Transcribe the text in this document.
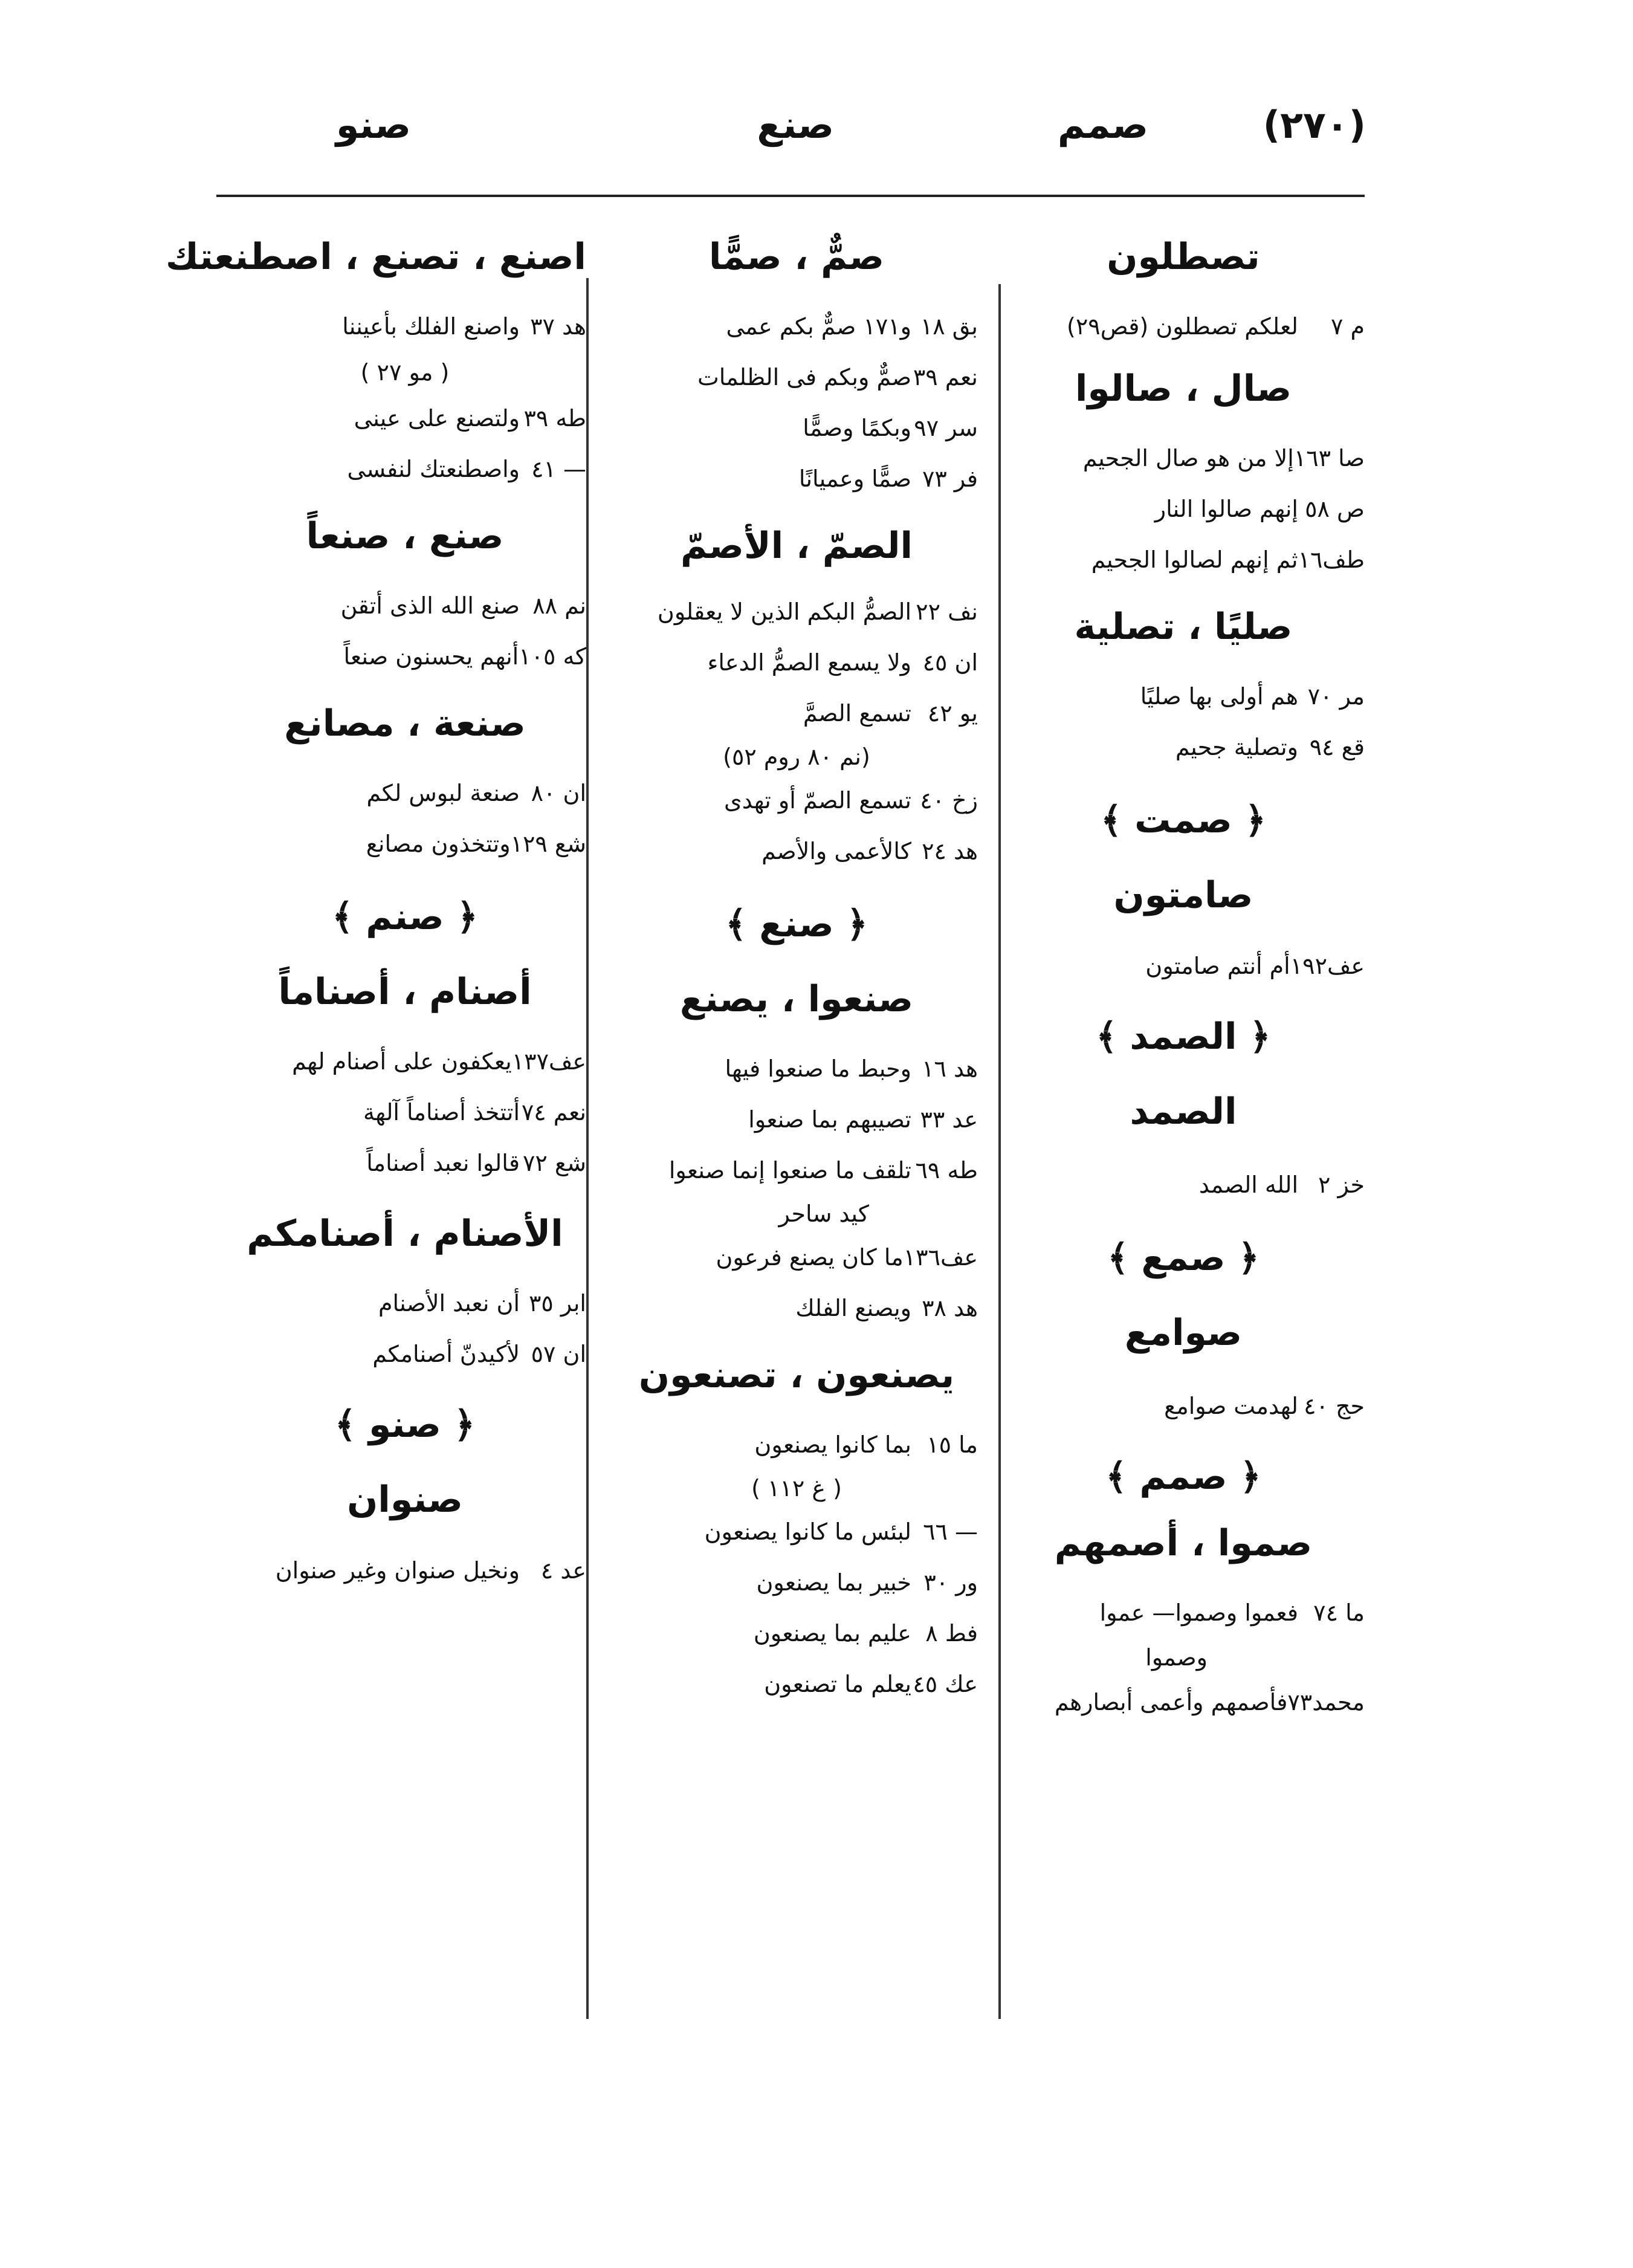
(٢٧٠)
صمم
صنع
صنو
تصطلون
م ٧
لعلكم تصطلون (قص٢٩)
صال ، صالوا
صا ١٦٣
إلا من هو صال الجحيم
ص ٥٨
إنهم صالوا النار
طف١٦
ثم إنهم لصالوا الجحيم
صليًا ، تصلية
مر ٧٠
هم أولى بها صليًا
قع ٩٤
وتصلية جحيم
﴿ صمت ﴾
صامتون
عف١٩٢
أم أنتم صامتون
﴿ الصمد ﴾
الصمد
خز ٢
الله الصمد
﴿ صمع ﴾
صوامع
حج ٤٠
لهدمت صوامع
﴿ صمم ﴾
صموا ، أصمهم
ما ٧٤
فعموا وصموا— عموا
وصموا
محمد٧٣
فأصمهم وأعمى أبصارهم
صمٌّ ، صمًّا
بق ١٨
و١٧١ صمٌّ بكم عمى
نعم ٣٩
صمٌّ وبكم فى الظلمات
سر ٩٧
وبكمًا وصمًّا
فر ٧٣
صمًّا وعميانًا
الصمّ ، الأصمّ
نف ٢٢
الصمُّ البكم الذين لا يعقلون
ان ٤٥
ولا يسمع الصمُّ الدعاء
يو ٤٢
تسمع الصمَّ
(نم ٨٠ روم ٥٢)
زخ ٤٠
تسمع الصمّ أو تهدى
هد ٢٤
كالأعمى والأصم
﴿ صنع ﴾
صنعوا ، يصنع
هد ١٦
وحبط ما صنعوا فيها
عد ٣٣
تصيبهم بما صنعوا
طه ٦٩
تلقف ما صنعوا إنما صنعوا
كيد ساحر
عف١٣٦
ما كان يصنع فرعون
هد ٣٨
ويصنع الفلك
يصنعون ، تصنعون
ما ١٥
بما كانوا يصنعون
( غ ١١٢ )
— ٦٦
لبئس ما كانوا يصنعون
ور ٣٠
خبير بما يصنعون
فط ٨
عليم بما يصنعون
عك ٤٥
يعلم ما تصنعون
اصنع ، تصنع ، اصطنعتك
هد ٣٧
واصنع الفلك بأعيننا
( مو ٢٧ )
طه ٣٩
ولتصنع على عينى
— ٤١
واصطنعتك لنفسى
صنع ، صنعاً
نم ٨٨
صنع الله الذى أتقن
كه ١٠٥
أنهم يحسنون صنعاً
صنعة ، مصانع
ان ٨٠
صنعة لبوس لكم
شع ١٢٩
وتتخذون مصانع
﴿ صنم ﴾
أصنام ، أصناماً
عف١٣٧
يعكفون على أصنام لهم
نعم ٧٤
أتتخذ أصناماً آلهة
شع ٧٢
قالوا نعبد أصناماً
الأصنام ، أصنامكم
ابر ٣٥
أن نعبد الأصنام
ان ٥٧
لأكيدنّ أصنامكم
﴿ صنو ﴾
صنوان
عد ٤
ونخيل صنوان وغير صنوان
